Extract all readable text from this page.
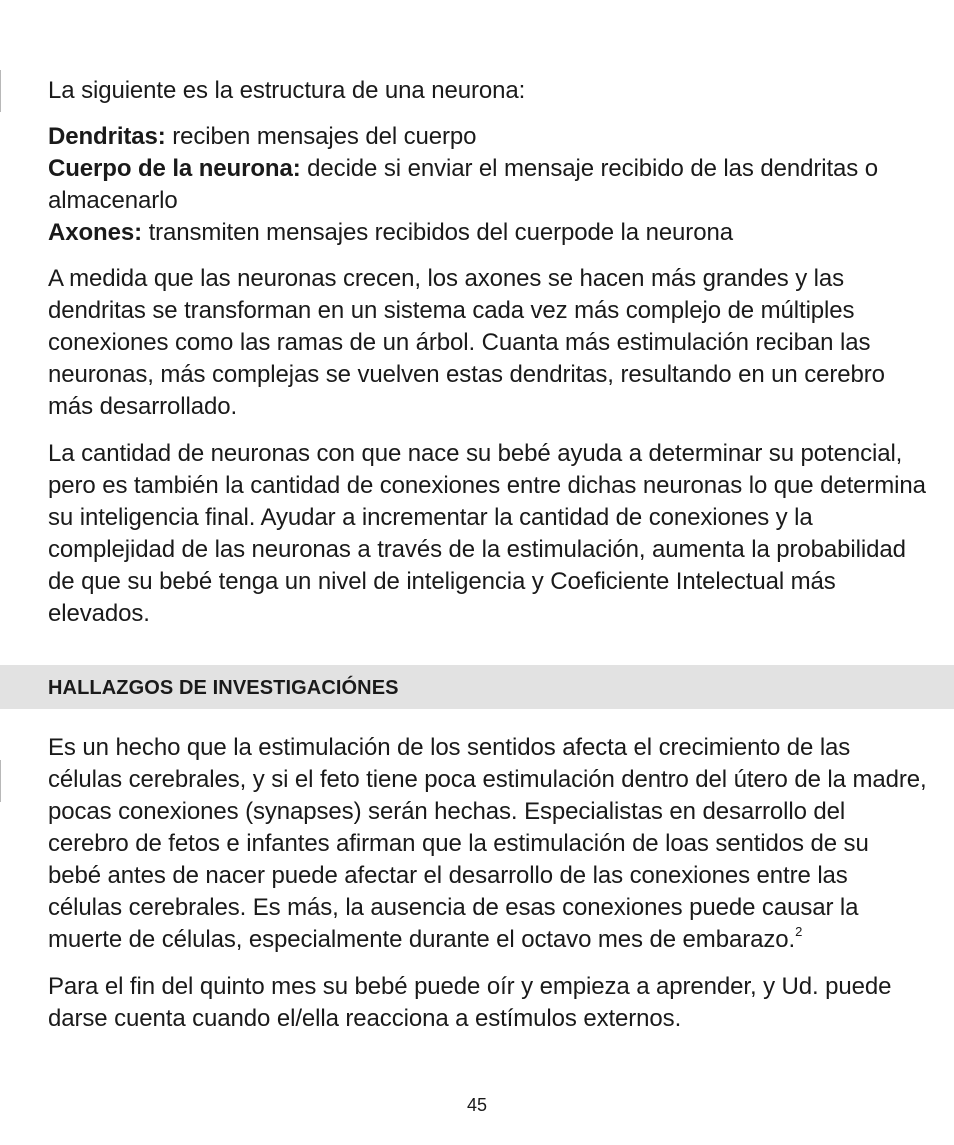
La siguiente es la estructura de una neurona:

Dendritas: reciben mensajes del cuerpo
Cuerpo de la neurona: decide si enviar el mensaje recibido de las dendritas o almacenarlo
Axones: transmiten mensajes recibidos del cuerpode la neurona

A medida que las neuronas crecen, los axones se hacen más grandes y las dendritas se transforman en un sistema cada vez más complejo de múltiples conexiones como las ramas de un árbol. Cuanta más estimulación reciban las neuronas, más complejas se vuelven estas dendritas, resultando en un cerebro más desarrollado.

La cantidad de neuronas con que nace su bebé ayuda a determinar su potencial, pero es también la cantidad de conexiones entre dichas neuronas lo que determina su inteligencia final. Ayudar a incrementar la cantidad de conexiones y la complejidad de las neuronas a través de la estimulación, aumenta la probabilidad de que su bebé tenga un nivel de inteligencia y Coeficiente Intelectual más elevados.

HALLAZGOS DE INVESTIGACIÓNES

Es un hecho que la estimulación de los sentidos afecta el crecimiento de las células cerebrales, y si el feto tiene poca estimulación dentro del útero de la madre, pocas conexiones (synapses) serán hechas. Especialistas en desarrollo del cerebro de fetos e infantes afirman que la estimulación de loas sentidos de su bebé antes de nacer puede afectar el desarrollo de las conexiones entre las células cerebrales. Es más, la ausencia de esas conexiones puede causar la muerte de células, especialmente durante el octavo mes de embarazo.$^2$

Para el fin del quinto mes su bebé puede oír y empieza a aprender, y Ud. puede darse cuenta cuando el/ella reacciona a estímulos externos.

45
